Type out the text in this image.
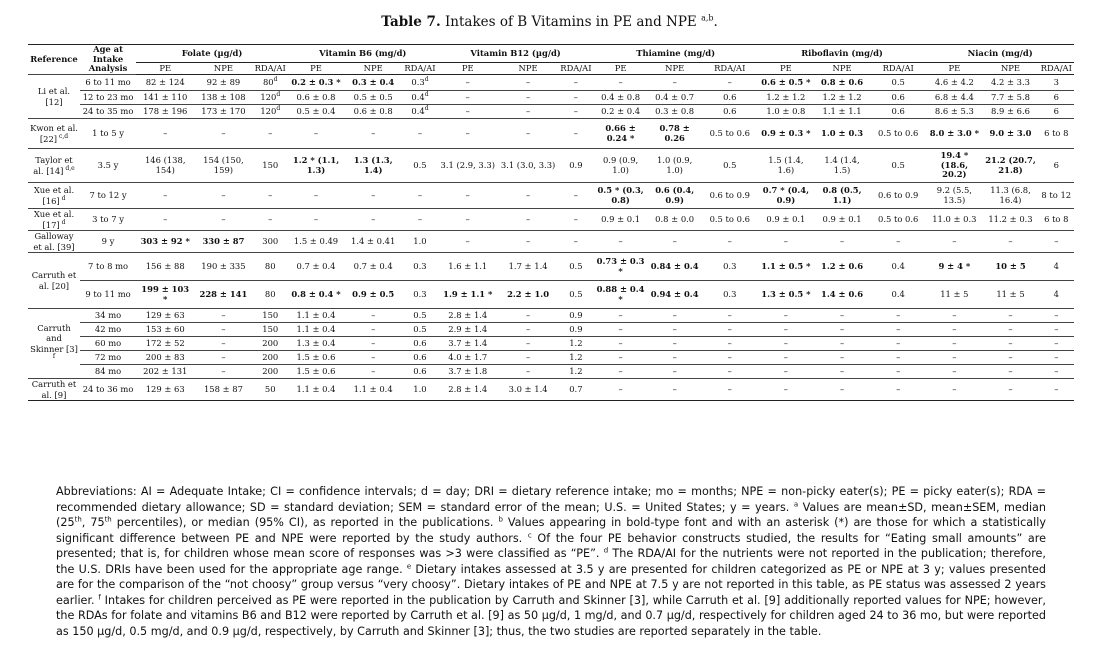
Table 7. Intakes of B Vitamins in PE and NPE $^{a,b}$.
Reference	Age at Intake Analysis	Folate (µg/d)			Vitamin B6 (mg/d)			Vitamin B12 (µg/d)			Thiamine (mg/d)			Riboflavin (mg/d)			Niacin (mg/d)		
		PE	NPE	RDA/AI	PE	NPE	RDA/AI	PE	NPE	RDA/AI	PE	NPE	RDA/AI	PE	NPE	RDA/AI	PE	NPE	RDA/AI
Li et al. [12]	6 to 11 mo	82 ± 124	92 ± 89	80$^d$	0.2 ± 0.3 *	0.3 ± 0.4	0.3$^d$	–	–	–	–	–	–	0.6 ± 0.5 *	0.8 ± 0.6	0.5	4.6 ± 4.2	4.2 ± 3.3	3
	12 to 23 mo	141 ± 110	138 ± 108	120$^d$	0.6 ± 0.8	0.5 ± 0.5	0.4$^d$	–	–	–	0.4 ± 0.8	0.4 ± 0.7	0.6	1.2 ± 1.2	1.2 ± 1.2	0.6	6.8 ± 4.4	7.7 ± 5.8	6
	24 to 35 mo	178 ± 196	173 ± 170	120$^d$	0.5 ± 0.4	0.6 ± 0.8	0.4$^d$	–	–	–	0.2 ± 0.4	0.3 ± 0.8	0.6	1.0 ± 0.8	1.1 ± 1.1	0.6	8.6 ± 5.3	8.9 ± 6.6	6
Kwon et al. [22] $^{c,d}$	1 to 5 y	–	–	–	–	–	–	–	–	–	0.66 ± 0.24 *	0.78 ± 0.26	0.5 to 0.6	0.9 ± 0.3 *	1.0 ± 0.3	0.5 to 0.6	8.0 ± 3.0 *	9.0 ± 3.0	6 to 8
Taylor et al. [14] $^{d,e}$	3.5 y	146 (138, 154)	154 (150, 159)	150	1.2 * (1.1, 1.3)	1.3 (1.3, 1.4)	0.5	3.1 (2.9, 3.3)	3.1 (3.0, 3.3)	0.9	0.9 (0.9, 1.0)	1.0 (0.9, 1.0)	0.5	1.5 (1.4, 1.6)	1.4 (1.4, 1.5)	0.5	19.4 * (18.6, 20.2)	21.2 (20.7, 21.8)	6
Xue et al. [16] $^d$	7 to 12 y	–	–	–	–	–	–	–	–	–	0.5 * (0.3, 0.8)	0.6 (0.4, 0.9)	0.6 to 0.9	0.7 * (0.4, 0.9)	0.8 (0.5, 1.1)	0.6 to 0.9	9.2 (5.5, 13.5)	11.3 (6.8, 16.4)	8 to 12
Xue et al. [17] $^d$	3 to 7 y	–	–	–	–	–	–	–	–	–	0.9 ± 0.1	0.8 ± 0.0	0.5 to 0.6	0.9 ± 0.1	0.9 ± 0.1	0.5 to 0.6	11.0 ± 0.3	11.2 ± 0.3	6 to 8
Galloway et al. [39]	9 y	303 ± 92 *	330 ± 87	300	1.5 ± 0.49	1.4 ± 0.41	1.0	–	–	–	–	–	–	–	–	–	–	–	–
Carruth et al. [20]	7 to 8 mo	156 ± 88	190 ± 335	80	0.7 ± 0.4	0.7 ± 0.4	0.3	1.6 ± 1.1	1.7 ± 1.4	0.5	0.73 ± 0.3 *	0.84 ± 0.4	0.3	1.1 ± 0.5 *	1.2 ± 0.6	0.4	9 ± 4 *	10 ± 5	4
	9 to 11 mo	199 ± 103 *	228 ± 141	80	0.8 ± 0.4 *	0.9 ± 0.5	0.3	1.9 ± 1.1 *	2.2 ± 1.0	0.5	0.88 ± 0.4 *	0.94 ± 0.4	0.3	1.3 ± 0.5 *	1.4 ± 0.6	0.4	11 ± 5	11 ± 5	4
Carruth and Skinner [3] $^f$	34 mo	129 ± 63	–	150	1.1 ± 0.4	–	0.5	2.8 ± 1.4	–	0.9	–	–	–	–	–	–	–	–	–
	42 mo	153 ± 60	–	150	1.1 ± 0.4	–	0.5	2.9 ± 1.4	–	0.9	–	–	–	–	–	–	–	–	–
	60 mo	172 ± 52	–	200	1.3 ± 0.4	–	0.6	3.7 ± 1.4	–	1.2	–	–	–	–	–	–	–	–	–
	72 mo	200 ± 83	–	200	1.5 ± 0.6	–	0.6	4.0 ± 1.7	–	1.2	–	–	–	–	–	–	–	–	–
	84 mo	202 ± 131	–	200	1.5 ± 0.6	–	0.6	3.7 ± 1.8	–	1.2	–	–	–	–	–	–	–	–	–
Carruth et al. [9]	24 to 36 mo	129 ± 63	158 ± 87	50	1.1 ± 0.4	1.1 ± 0.4	1.0	2.8 ± 1.4	3.0 ± 1.4	0.7	–	–	–	–	–	–	–	–	–
Abbreviations: AI = Adequate Intake; CI = confidence intervals; d = day; DRI = dietary reference intake; mo = months; NPE = non-picky eater(s); PE = picky eater(s); RDA = recommended dietary allowance; SD = standard deviation; SEM = standard error of the mean; U.S. = United States; y = years. $^a$ Values are mean±SD, mean±SEM, median (25th, 75th percentiles), or median (95% CI), as reported in the publications. $^b$ Values appearing in bold-type font and with an asterisk (*) are those for which a statistically significant difference between PE and NPE were reported by the study authors. $^c$ Of the four PE behavior constructs studied, the results for “Eating small amounts” are presented; that is, for children whose mean score of responses was >3 were classified as “PE”. $^d$ The RDA/AI for the nutrients were not reported in the publication; therefore, the U.S. DRIs have been used for the appropriate age range. $^e$ Dietary intakes assessed at 3.5 y are presented for children categorized as PE or NPE at 3 y; values presented are for the comparison of the “not choosy” group versus “very choosy”. Dietary intakes of PE and NPE at 7.5 y are not reported in this table, as PE status was assessed 2 years earlier. $^f$ Intakes for children perceived as PE were reported in the publication by Carruth and Skinner [3], while Carruth et al. [9] additionally reported values for NPE; however, the RDAs for folate and vitamins B6 and B12 were reported by Carruth et al. [9] as 50 µg/d, 1 mg/d, and 0.7 µg/d, respectively for children aged 24 to 36 mo, but were reported as 150 µg/d, 0.5 mg/d, and 0.9 µg/d, respectively, by Carruth and Skinner [3]; thus, the two studies are reported separately in the table.
